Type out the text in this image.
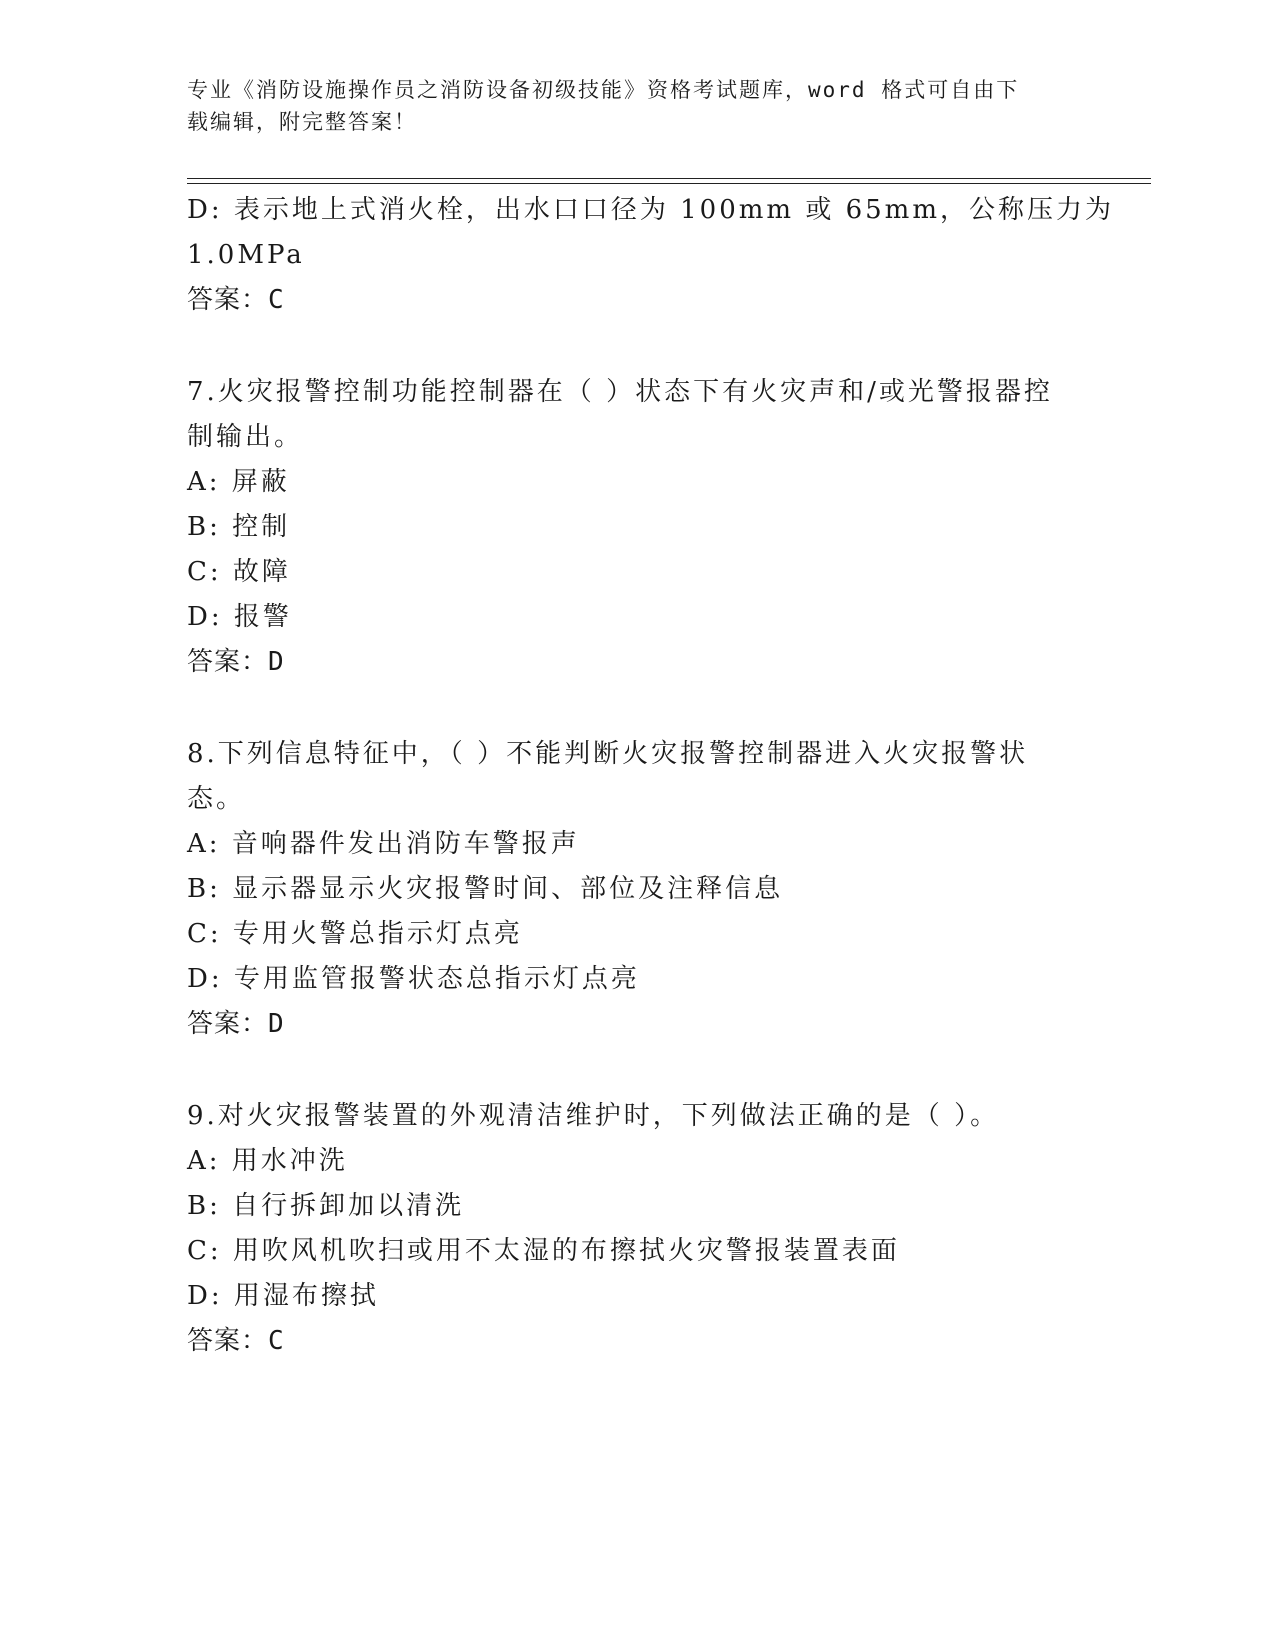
专业《消防设施操作员之消防设备初级技能》资格考试题库，word 格式可自由下
载编辑，附完整答案！
D: 表示地上式消火栓，出水口口径为 100mm 或 65mm，公称压力为
1.0MPa
答案：C
7.火灾报警控制功能控制器在（ ）状态下有火灾声和/或光警报器控
制输出。
A: 屏蔽
B: 控制
C: 故障
D: 报警
答案：D
8.下列信息特征中，（ ）不能判断火灾报警控制器进入火灾报警状
态。
A: 音响器件发出消防车警报声
B: 显示器显示火灾报警时间、部位及注释信息
C: 专用火警总指示灯点亮
D: 专用监管报警状态总指示灯点亮
答案：D
9.对火灾报警装置的外观清洁维护时，下列做法正确的是（ ）。
A: 用水冲洗
B: 自行拆卸加以清洗
C: 用吹风机吹扫或用不太湿的布擦拭火灾警报装置表面
D: 用湿布擦拭
答案：C
